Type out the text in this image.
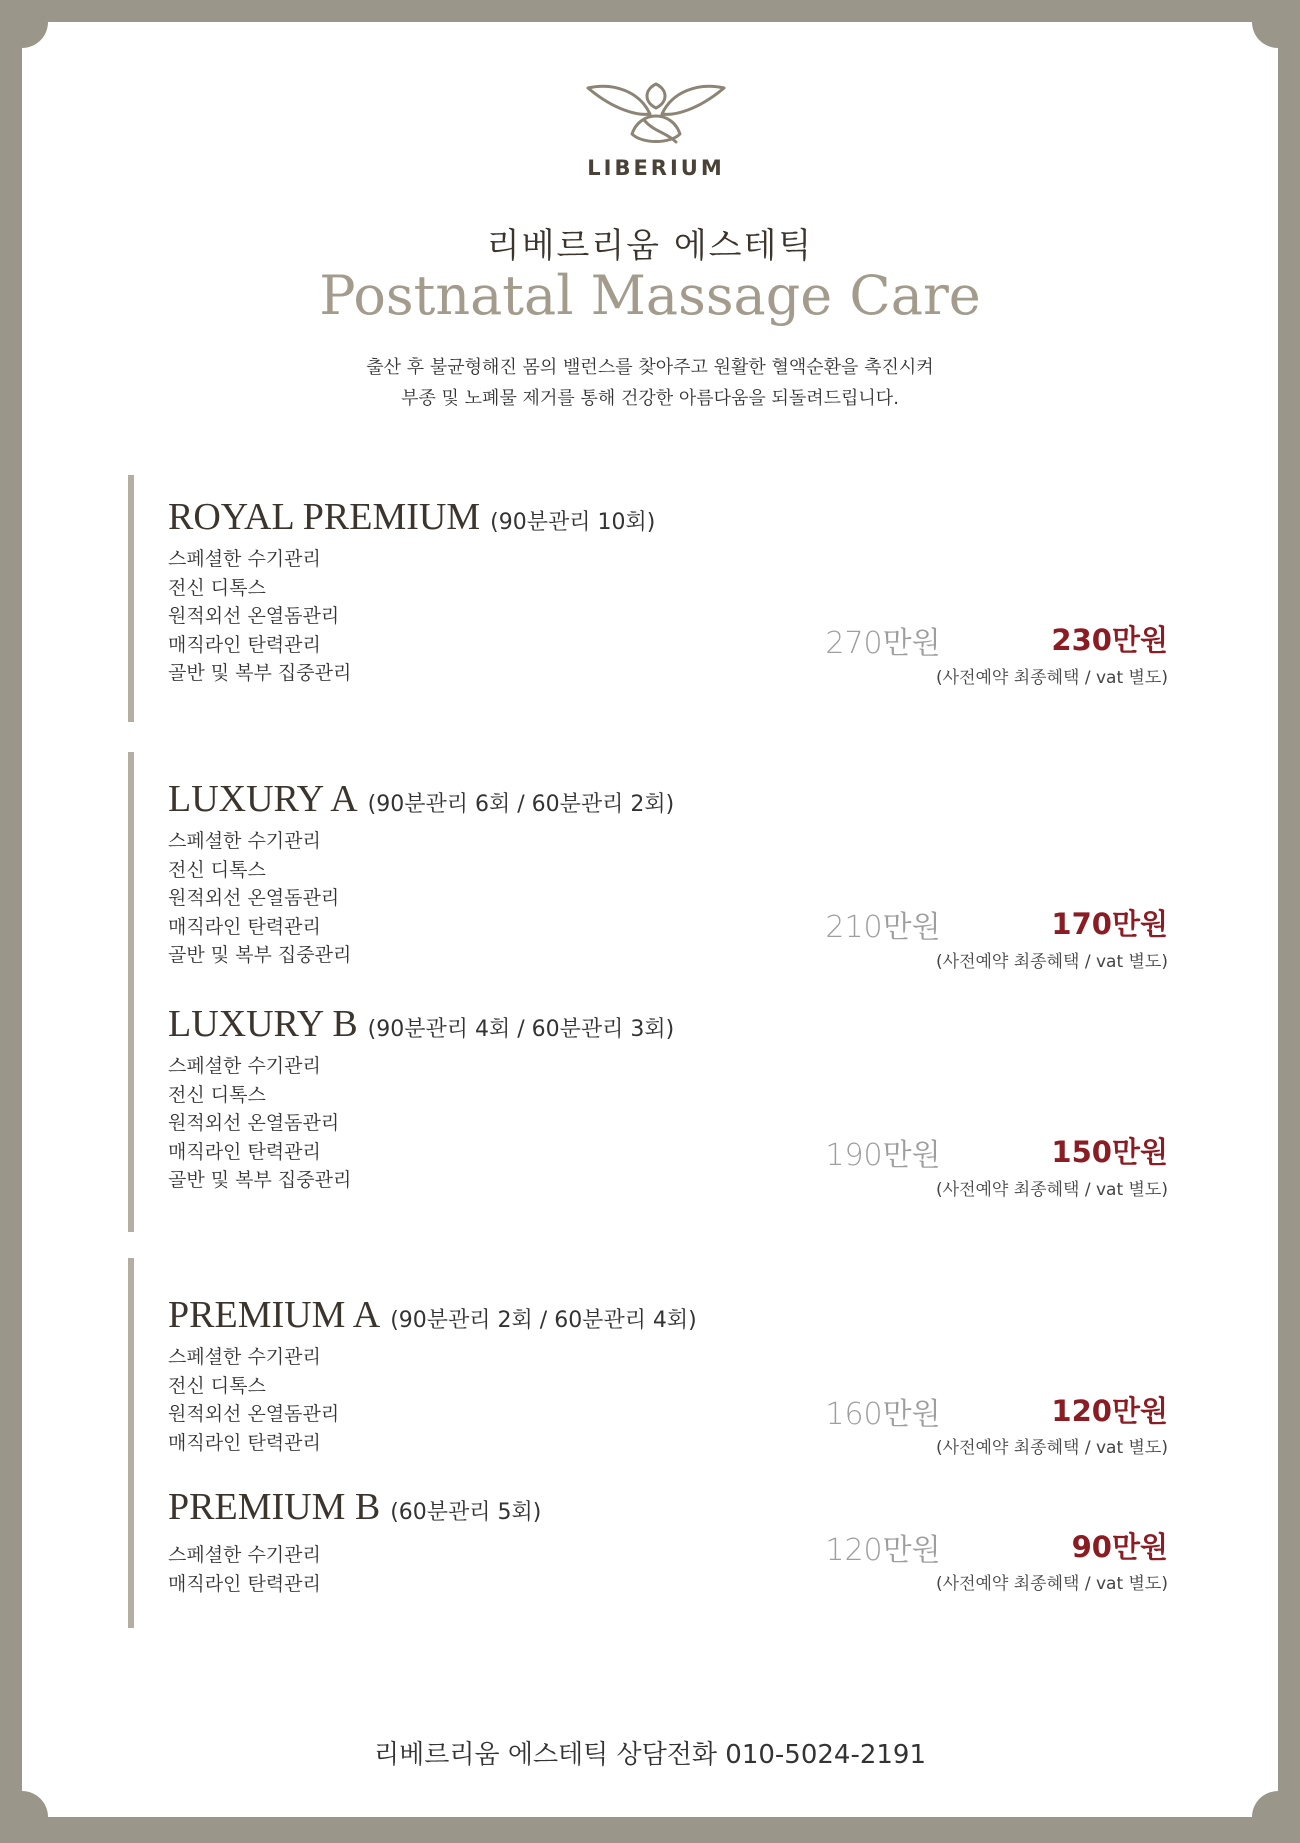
LIBERIUM
리베르리움 에스테틱
Postnatal Massage Care
출산 후 불균형해진 몸의 밸런스를 찾아주고 원활한 혈액순환을 촉진시켜
부종 및 노폐물 제거를 통해 건강한 아름다움을 되돌려드립니다.
ROYAL PREMIUM (90분관리 10회)
스페셜한 수기관리
전신 디톡스
원적외선 온열돔관리
매직라인 탄력관리
골반 및 복부 집중관리
270만원	230만원
(사전예약 최종혜택 / vat 별도)
LUXURY A (90분관리 6회 / 60분관리 2회)
스페셜한 수기관리
전신 디톡스
원적외선 온열돔관리
매직라인 탄력관리
골반 및 복부 집중관리
210만원	170만원
(사전예약 최종혜택 / vat 별도)
LUXURY B (90분관리 4회 / 60분관리 3회)
스페셜한 수기관리
전신 디톡스
원적외선 온열돔관리
매직라인 탄력관리
골반 및 복부 집중관리
190만원	150만원
(사전예약 최종혜택 / vat 별도)
PREMIUM A (90분관리 2회 / 60분관리 4회)
스페셜한 수기관리
전신 디톡스
원적외선 온열돔관리
매직라인 탄력관리
160만원	120만원
(사전예약 최종혜택 / vat 별도)
PREMIUM B (60분관리 5회)
스페셜한 수기관리
매직라인 탄력관리
120만원	90만원
(사전예약 최종혜택 / vat 별도)
리베르리움 에스테틱 상담전화 010-5024-2191
